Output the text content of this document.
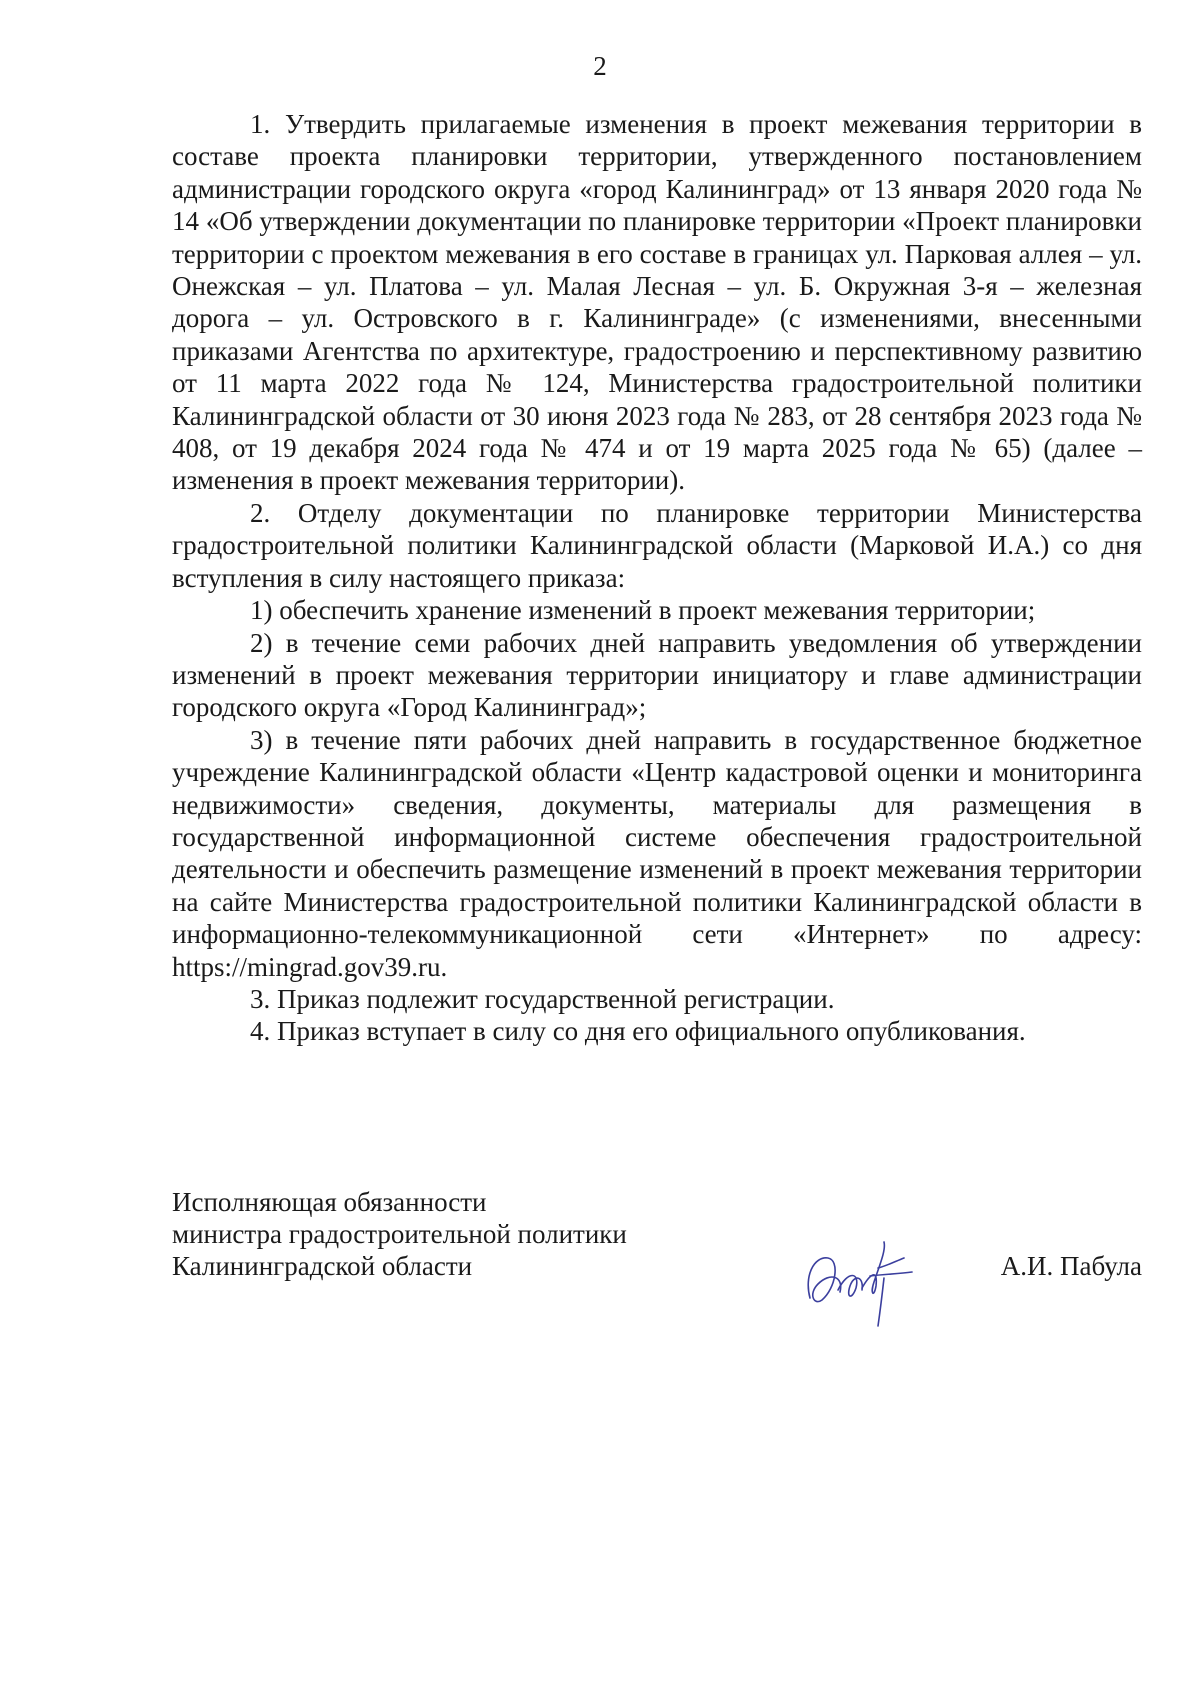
2

1. Утвердить прилагаемые изменения в проект межевания территории в составе проекта планировки территории, утвержденного постановлением администрации городского округа «город Калининград» от 13 января 2020 года № 14 «Об утверждении документации по планировке территории «Проект планировки территории с проектом межевания в его составе в границах ул. Парковая аллея – ул. Онежская – ул. Платова – ул. Малая Лесная – ул. Б. Окружная 3-я – железная дорога – ул. Островского в г. Калининграде» (с изменениями, внесенными приказами Агентства по архитектуре, градостроению и перспективному развитию от 11 марта 2022 года № 124, Министерства градостроительной политики Калининградской области от 30 июня 2023 года № 283, от 28 сентября 2023 года № 408, от 19 декабря 2024 года № 474 и от 19 марта 2025 года № 65) (далее – изменения в проект межевания территории).

2. Отделу документации по планировке территории Министерства градостроительной политики Калининградской области (Марковой И.А.) со дня вступления в силу настоящего приказа:

1) обеспечить хранение изменений в проект межевания территории;

2) в течение семи рабочих дней направить уведомления об утверждении изменений в проект межевания территории инициатору и главе администрации городского округа «Город Калининград»;

3) в течение пяти рабочих дней направить в государственное бюджетное учреждение Калининградской области «Центр кадастровой оценки и мониторинга недвижимости» сведения, документы, материалы для размещения в государственной информационной системе обеспечения градостроительной деятельности и обеспечить размещение изменений в проект межевания территории на сайте Министерства градостроительной политики Калининградской области в информационно-телекоммуникационной сети «Интернет» по адресу: https://mingrad.gov39.ru.

3. Приказ подлежит государственной регистрации.

4. Приказ вступает в силу со дня его официального опубликования.

Исполняющая обязанности
министра градостроительной политики
Калининградской области	А.И. Пабула
